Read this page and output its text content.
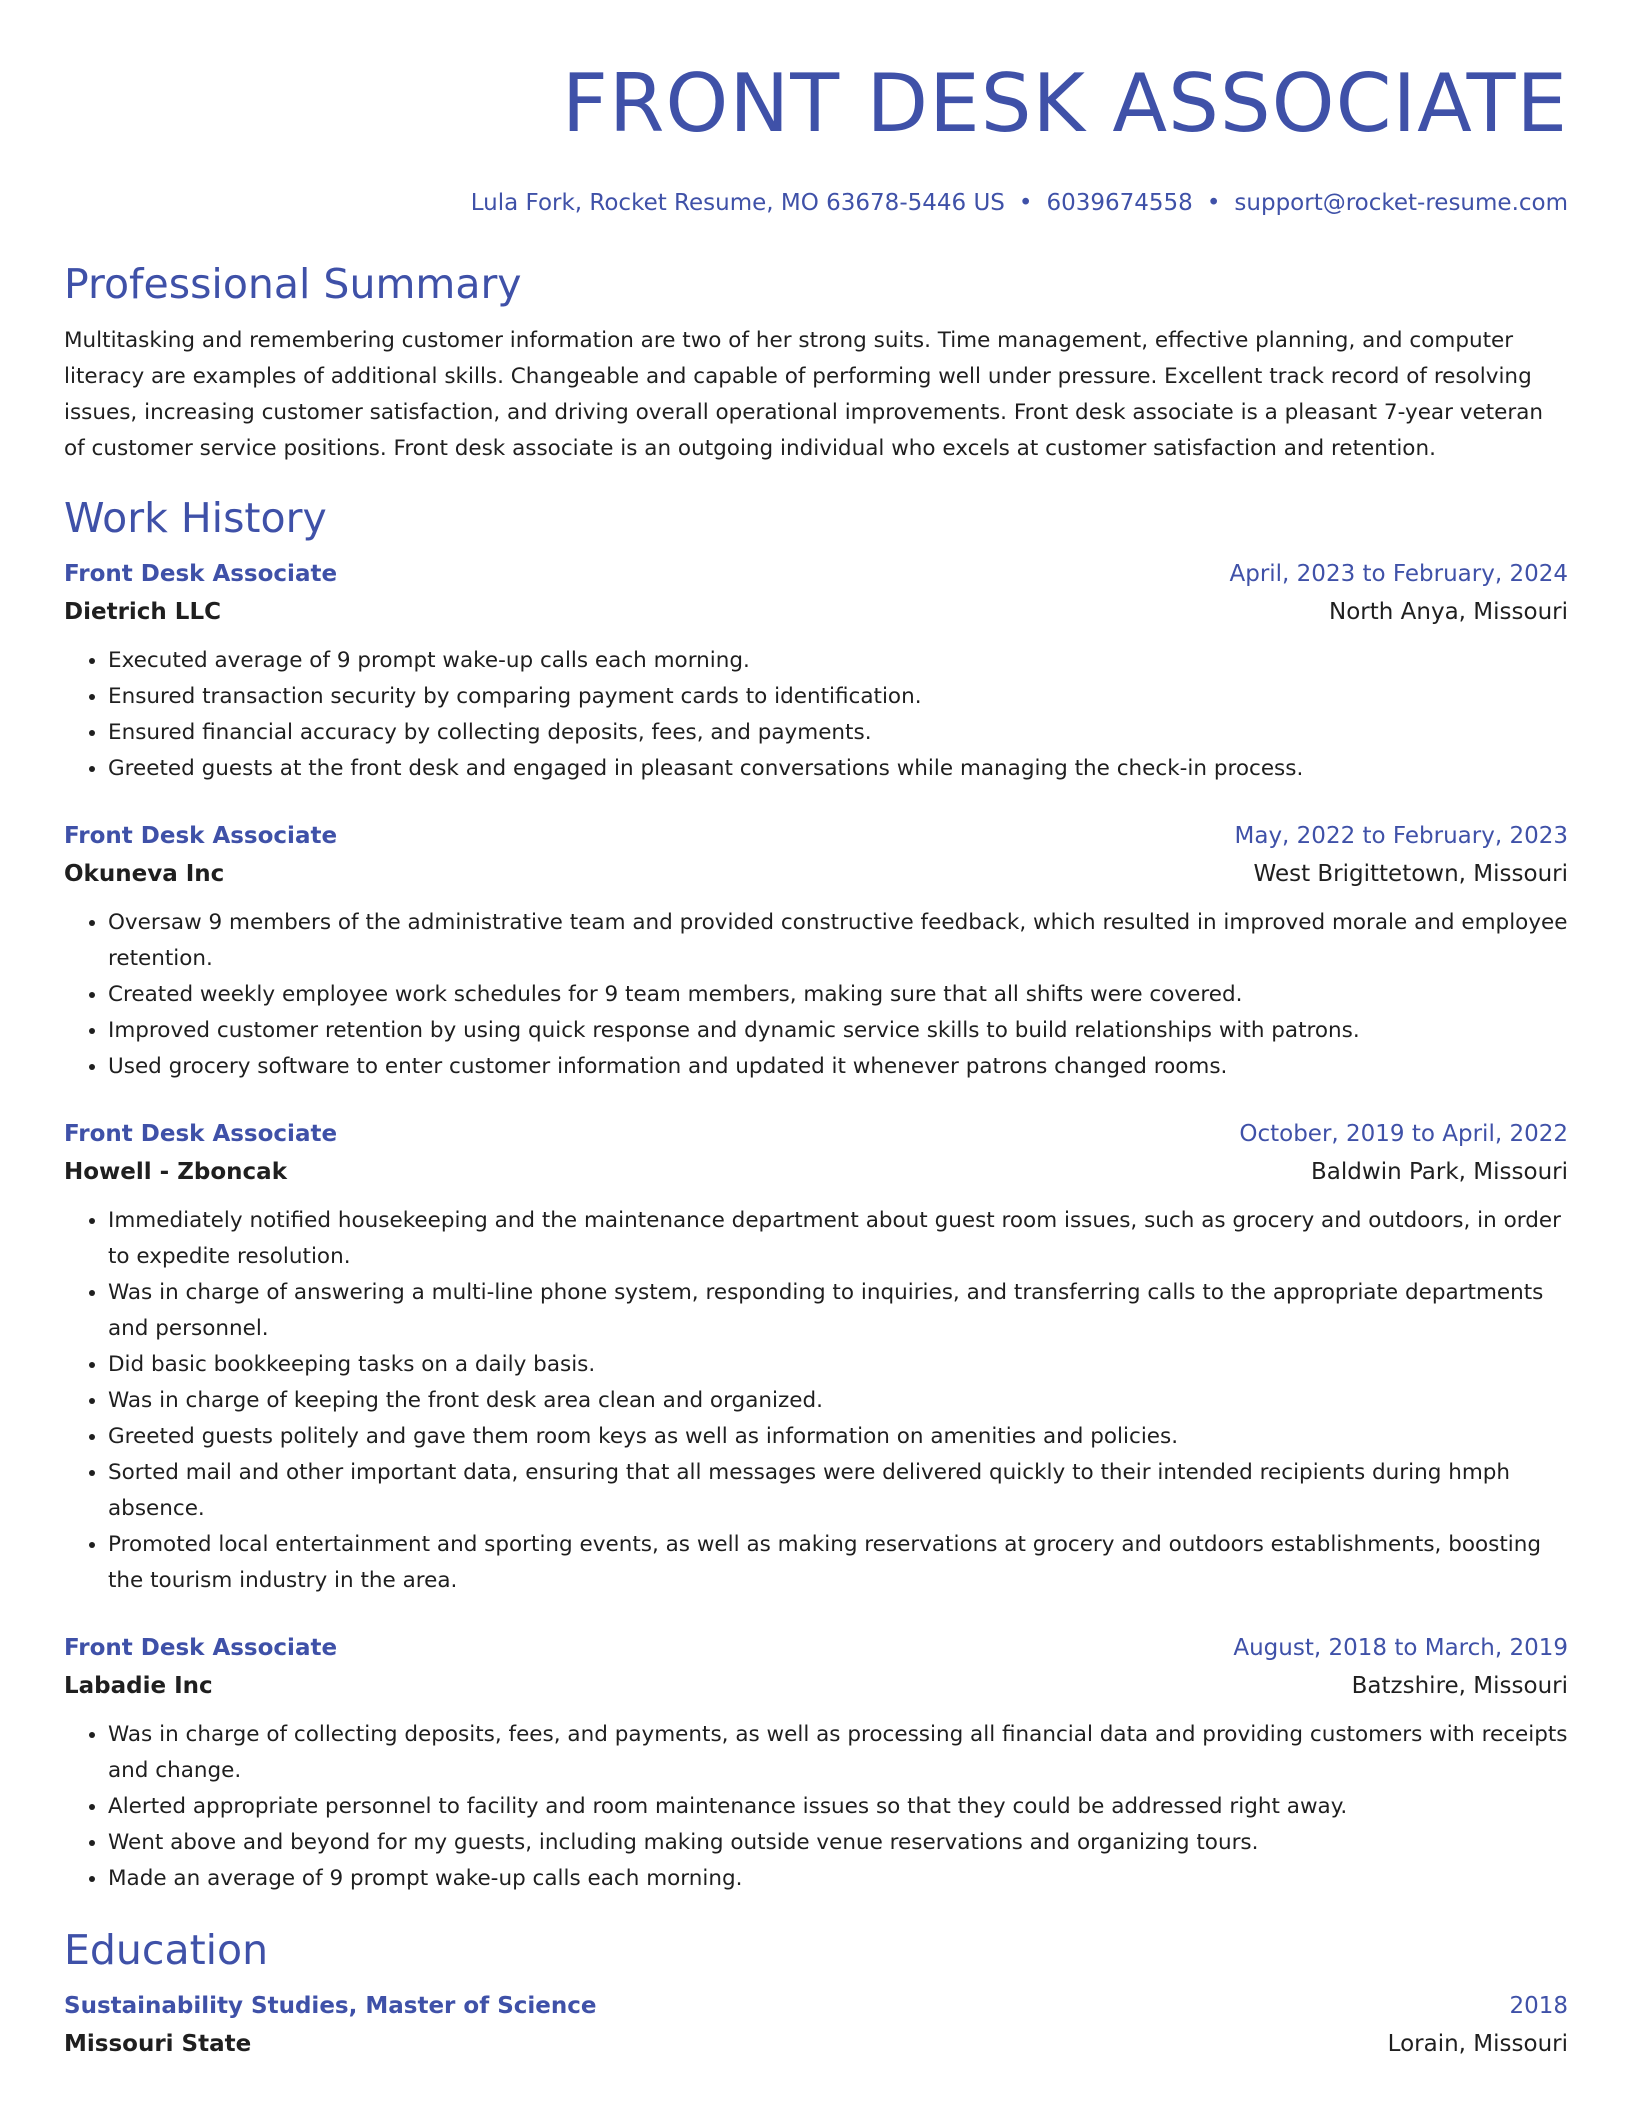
FRONT DESK ASSOCIATE
Lula Fork, Rocket Resume, MO 63678-5446 US • 6039674558 • support@rocket-resume.com
Professional Summary
Multitasking and remembering customer information are two of her strong suits. Time management, effective planning, and computer literacy are examples of additional skills. Changeable and capable of performing well under pressure. Excellent track record of resolving issues, increasing customer satisfaction, and driving overall operational improvements. Front desk associate is a pleasant 7-year veteran of customer service positions. Front desk associate is an outgoing individual who excels at customer satisfaction and retention.
Work History
Front Desk Associate	April, 2023 to February, 2024
Dietrich LLC	North Anya, Missouri
• Executed average of 9 prompt wake-up calls each morning.
• Ensured transaction security by comparing payment cards to identification.
• Ensured financial accuracy by collecting deposits, fees, and payments.
• Greeted guests at the front desk and engaged in pleasant conversations while managing the check-in process.
Front Desk Associate	May, 2022 to February, 2023
Okuneva Inc	West Brigittetown, Missouri
• Oversaw 9 members of the administrative team and provided constructive feedback, which resulted in improved morale and employee retention.
• Created weekly employee work schedules for 9 team members, making sure that all shifts were covered.
• Improved customer retention by using quick response and dynamic service skills to build relationships with patrons.
• Used grocery software to enter customer information and updated it whenever patrons changed rooms.
Front Desk Associate	October, 2019 to April, 2022
Howell - Zboncak	Baldwin Park, Missouri
• Immediately notified housekeeping and the maintenance department about guest room issues, such as grocery and outdoors, in order to expedite resolution.
• Was in charge of answering a multi-line phone system, responding to inquiries, and transferring calls to the appropriate departments and personnel.
• Did basic bookkeeping tasks on a daily basis.
• Was in charge of keeping the front desk area clean and organized.
• Greeted guests politely and gave them room keys as well as information on amenities and policies.
• Sorted mail and other important data, ensuring that all messages were delivered quickly to their intended recipients during hmph absence.
• Promoted local entertainment and sporting events, as well as making reservations at grocery and outdoors establishments, boosting the tourism industry in the area.
Front Desk Associate	August, 2018 to March, 2019
Labadie Inc	Batzshire, Missouri
• Was in charge of collecting deposits, fees, and payments, as well as processing all financial data and providing customers with receipts and change.
• Alerted appropriate personnel to facility and room maintenance issues so that they could be addressed right away.
• Went above and beyond for my guests, including making outside venue reservations and organizing tours.
• Made an average of 9 prompt wake-up calls each morning.
Education
Sustainability Studies, Master of Science	2018
Missouri State	Lorain, Missouri
